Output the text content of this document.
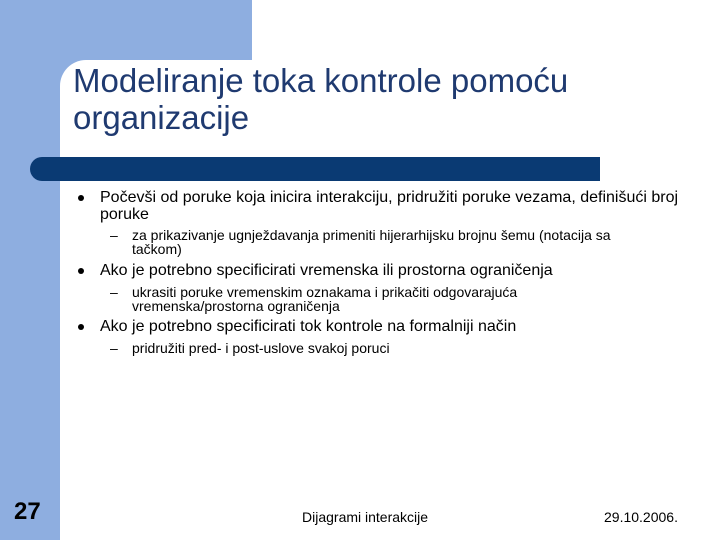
Modeliranje toka kontrole pomoću organizacije
Počevši od poruke koja inicira interakciju, pridružiti poruke vezama, definišući broj poruke
– za prikazivanje ugnježdavanja primeniti hijerarhijsku brojnu šemu (notacija sa tačkom)
Ako je potrebno specificirati vremenska ili prostorna ograničenja
– ukrasiti poruke vremenskim oznakama i prikačiti odgovarajuća vremenska/prostorna ograničenja
Ako je potrebno specificirati tok kontrole na formalniji način
– pridružiti pred- i post-uslove svakoj poruci
27	Dijagrami interakcije	29.10.2006.
